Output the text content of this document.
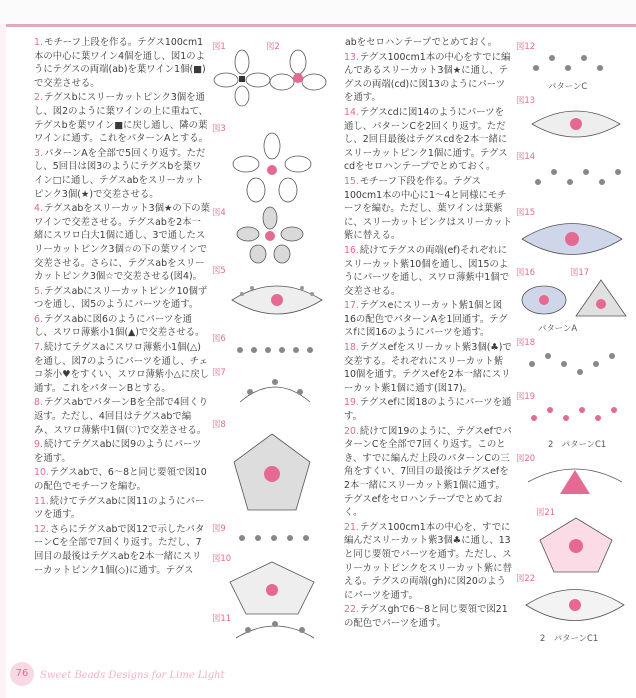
1.モチーフ上段を作る。テグス100cm1本の中心に葉ワイン4個を通し、図1のようにテグスの両端(ab)を葉ワイン1個(■)で交差させる。
2.テグスbにスリーカットピンク3個を通し、図2のように葉ワインの上に重ねて、テグスbを葉ワイン■に戻し通し、隣の葉ワインに通す。これをパターンAとする。
3.パターンAを全部で5回くり返す。ただし、5回目は図3のようにテグスbを葉ワイン□に通し、テグスabをスリーカットピンク3個(★)で交差させる。
4.テグスabをスリーカット3個★の下の葉ワインで交差させる。テグスabを2本一緒にスワロ白大1個に通し、3で通したスリーカットピンク3個☆の下の葉ワインで交差させる。さらに、テグスabをスリーカットピンク3個☆で交差させる(図4)。
5.テグスabにスリーカットピンク10個ずつを通し、図5のようにパーツを通す。
6.テグスabに図6のようにパーツを通し、スワロ薄紫小1個(▲)で交差させる。
7.続けてテグスaにスワロ薄紫小1個(△)を通し、図7のようにパーツを通し、チェコ茶小♥をすくい、スワロ薄紫小△に戻し通す。これをパターンBとする。
8.テグスabでパターンBを全部で4回くり返す。ただし、4回目はテグスabで編み、スワロ薄紫中1個(♡)で交差させる。
9.続けてテグスabに図9のようにパーツを通す。
10.テグスabで、6〜8と同じ要領で図10の配色でモチーフを編む。
11.続けてテグスabに図11のようにパーツを通す。
12.さらにテグスabで図12で示したパターンCを全部で7回くり返す。ただし、7回目の最後はテグスabを2本一緒にスリーカットピンク1個(◇)に通す。テグス
abをセロハンテープでとめておく。
13.テグス100cm1本の中心をすでに編んであるスリーカット3個★に通し、テグスの両端(cd)に図13のようにパーツを通す。
14.テグスcdに図14のようにパーツを通し、パターンCを2回くり返す。ただし、2回目最後はテグスcdを2本一緒にスリーカットピンク1個に通す。テグスcdをセロハンテープでとめておく。
15.モチーフ下段を作る。テグス100cm1本の中心に1〜4と同様にモチーフを編む。ただし、葉ワインは葉紫に、スリーカットピンクはスリーカット紫に替える。
16.続けてテグスの両端(ef)それぞれにスリーカット紫10個を通し、図15のようにパーツを通し、スワロ薄紫中1個で交差させる。
17.テグスeにスリーカット紫1個と図16の配色でパターンAを1回通す。テグスfに図16のようにパーツを通す。
18.テグスefをスリーカット紫3個(♣)で交差する。それぞれにスリーカット紫10個を通す。テグスefを2本一緒にスリーカット紫1個に通す(図17)。
19.テグスefに図18のようにパーツを通す。
20.続けて図19のように、テグスefでパターンCを全部で7回くり返す。このとき、すでに編んだ上段のパターンCの三角をすくい、7回目の最後はテグスefを2本一緒にスリーカット紫1個に通す。テグスefをセロハンテープでとめておく。
21.テグス100cm1本の中心を、すでに編んだスリーカット紫3個♣に通し、13と同じ要領でパーツを通す。ただし、スリーカットピンクをスリーカット紫に替える。テグスの両端(gh)に図20のようにパーツを通す。
22.テグスghで6〜8と同じ要領で図21の配色でパーツを通す。
図1	図2
図3
図4
図5
図6
図7
図8
図9
図10
図11
図12
図13
図14
図15
図16	図17
図18
図19
図20
図21
図22
パターンC
パターンA
2　パターンC1
2　パターンC1
76	Sweet Beads Designs for Lime Light
